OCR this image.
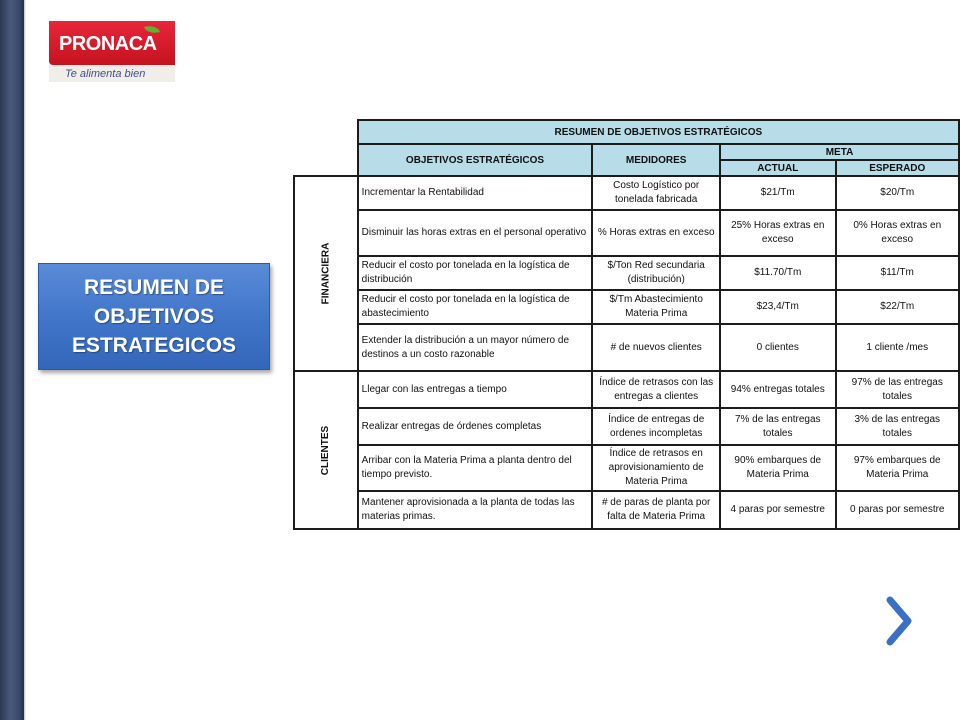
PRONACA
Te alimenta bien
RESUMEN DE OBJETIVOS ESTRATEGICOS
	RESUMEN DE OBJETIVOS ESTRATÉGICOS			
	OBJETIVOS ESTRATÉGICOS	MEDIDORES	META	
			ACTUAL	ESPERADO

FINANCIERA	Incrementar la Rentabilidad	Costo Logístico por tonelada fabricada	$21/Tm	$20/Tm
	Disminuir las horas extras en el personal operativo	% Horas extras en exceso	25% Horas extras en exceso	0% Horas extras en exceso
	Reducir el costo por tonelada en la logística de distribución	$/Ton Red secundaria (distribución)	$11.70/Tm	$11/Tm
	Reducir el costo por tonelada en la logística de abastecimiento	$/Tm Abastecimiento Materia Prima	$23,4/Tm	$22/Tm
	Extender la distribución a un mayor número de destinos a un costo razonable	# de nuevos clientes	0 clientes	1 cliente /mes

CLIENTES	Llegar con las entregas a tiempo	Índice de retrasos con las entregas a clientes	94% entregas totales	97% de las entregas totales
	Realizar entregas de órdenes completas	Índice de entregas de ordenes incompletas	7% de las entregas totales	3% de las entregas totales
	Arribar con la Materia Prima a planta dentro del tiempo previsto.	Índice de retrasos en aprovisionamiento de Materia Prima	90% embarques de Materia Prima	97% embarques de Materia Prima
	Mantener aprovisionada a la planta de todas las materias primas.	# de paras de planta por falta de Materia Prima	4 paras por semestre	0 paras por semestre
